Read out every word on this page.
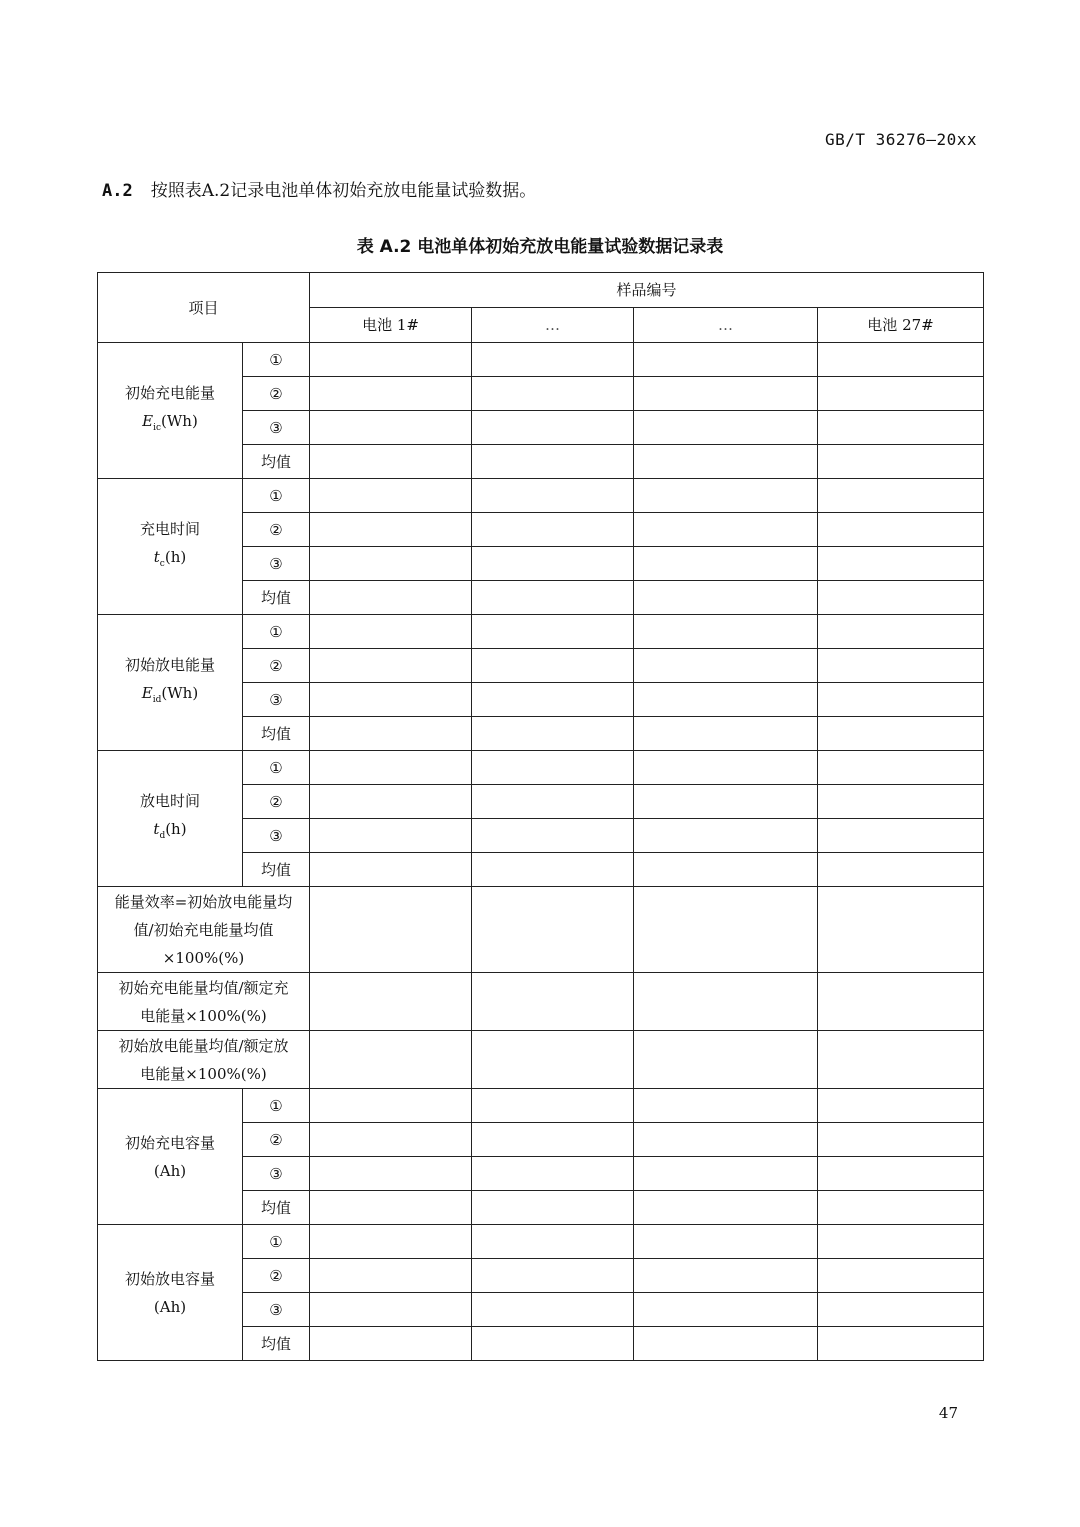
GB/T 36276—20xx
A.2 按照表A.2记录电池单体初始充放电能量试验数据。
表 A.2 电池单体初始充放电能量试验数据记录表
项目		样品编号			
		电池 1#	…	…	电池 27#

初始充电能量
$E_{ic}(Wh)$	①				
	②				
	③				
	均值				

充电时间
$t_c(h)$	①				
	②				
	③				
	均值				

初始放电能量
$E_{id}(Wh)$	①				
	②				
	③				
	均值				

放电时间
$t_d(h)$	①				
	②				
	③				
	均值				

能量效率=初始放电能量均
值/初始充电能量均值
×100%(%)					

初始充电能量均值/额定充
电能量×100%(%)					

初始放电能量均值/额定放
电能量×100%(%)					

初始充电容量
(Ah)	①				
	②				
	③				
	均值				

初始放电容量
(Ah)	①				
	②				
	③				
	均值				
47
